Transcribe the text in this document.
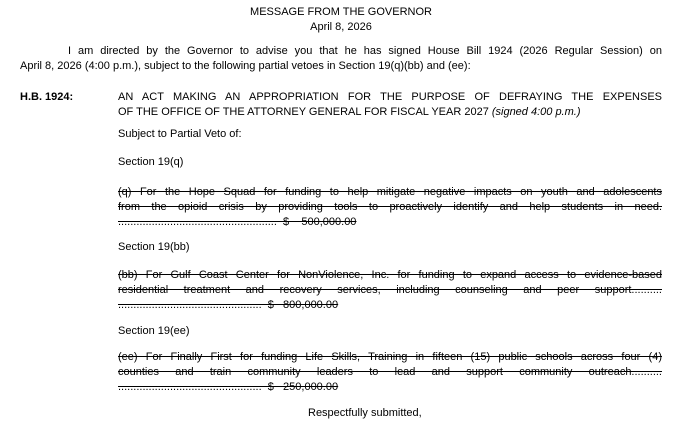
MESSAGE FROM THE GOVERNOR
April 8, 2026
I am directed by the Governor to advise you that he has signed House Bill 1924 (2026 Regular Session) on
April 8, 2026 (4:00 p.m.), subject to the following partial vetoes in Section 19(q)(bb) and (ee):
H.B. 1924:	AN ACT MAKING AN APPROPRIATION FOR THE PURPOSE OF DEFRAYING THE EXPENSES
OF THE OFFICE OF THE ATTORNEY GENERAL FOR FISCAL YEAR 2027 (signed 4:00 p.m.)
Subject to Partial Veto of:
Section 19(q)
(q) For the Hope Squad for funding to help mitigate negative impacts on youth and adolescents
from the opioid crisis by providing tools to proactively identify and help students in need.
....................................................  $    500,000.00
Section 19(bb)
(bb) For Gulf Coast Center for NonViolence, Inc. for funding to expand access to evidence-based
residential treatment and recovery services, including counseling and peer support..........
...............................................  $   800,000.00
Section 19(ee)
(ee) For Finally First for funding Life Skills, Training in fifteen (15) public schools across four (4)
counties and train community leaders to lead and support community outreach..........
...............................................  $   250,000.00
Respectfully submitted,
